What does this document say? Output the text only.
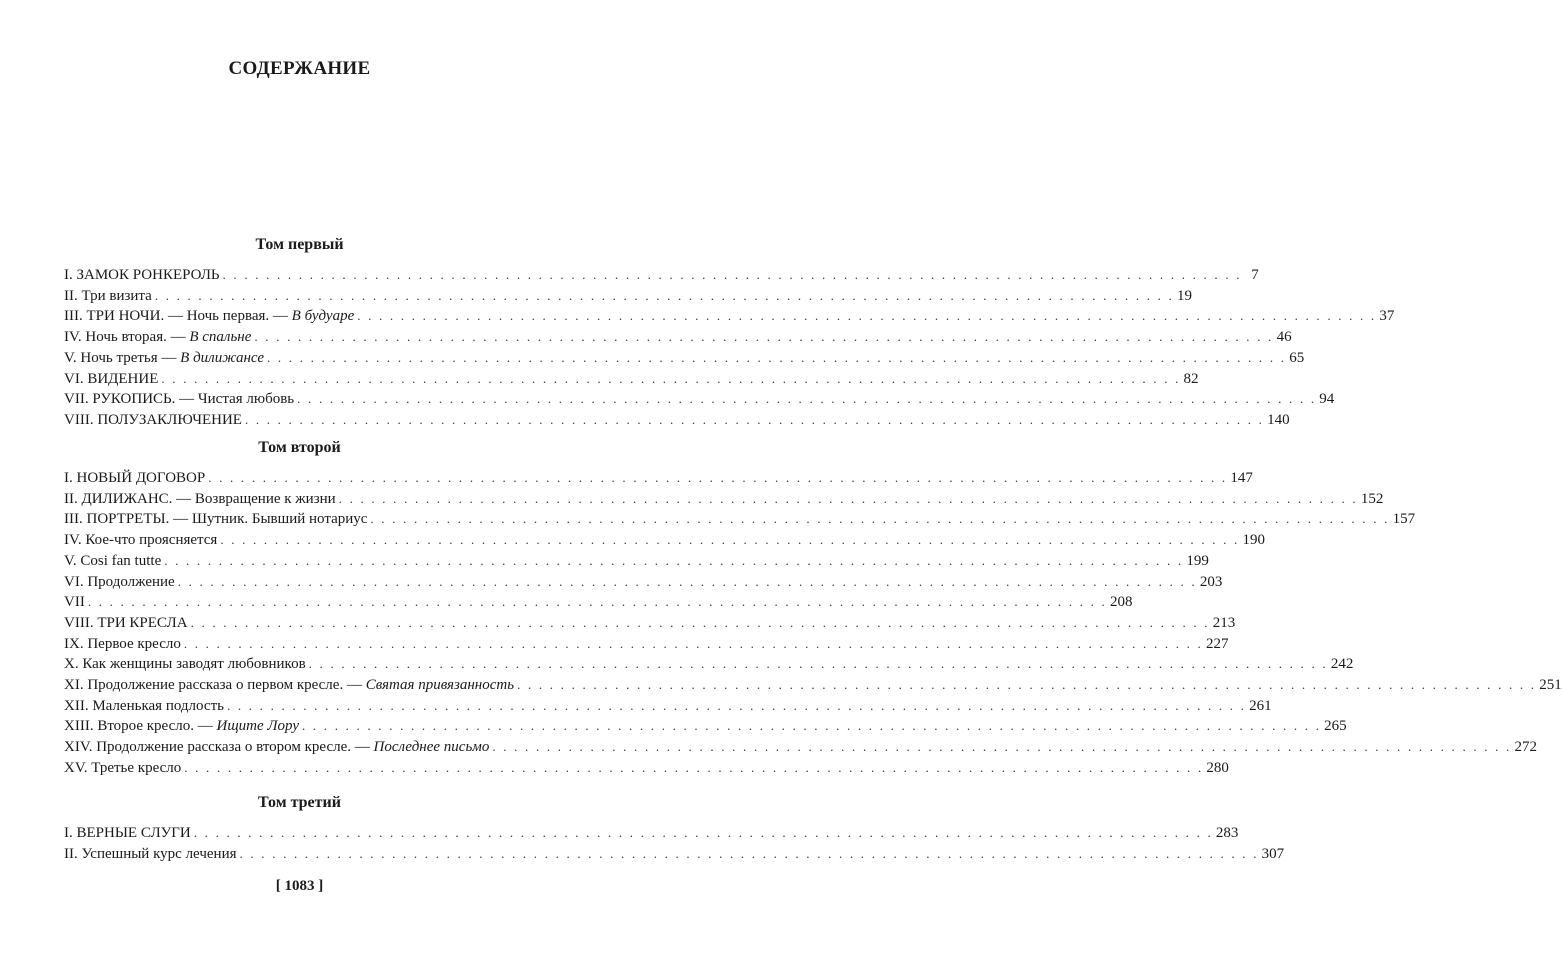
СОДЕРЖАНИЕ
Том первый
I. ЗАМОК РОНКЕРОЛЬ . . .	7
II. Три визита . . .	19
III. ТРИ НОЧИ. — Ночь первая. — В будуаре . . .	37
IV. Ночь вторая. — В спальне . . .	46
V. Ночь третья — В дилижансе . . .	65
VI. ВИДЕНИЕ . . .	82
VII. РУКОПИСЬ. — Чистая любовь . . .	94
VIII. ПОЛУЗАКЛЮЧЕНИЕ . . .	140
Том второй
I. НОВЫЙ ДОГОВОР . . .	147
II. ДИЛИЖАНС. — Возвращение к жизни . . .	152
III. ПОРТРЕТЫ. — Шутник. Бывший нотариус . . .	157
IV. Кое-что проясняется . . .	190
V. Cosi fan tutte . . .	199
VI. Продолжение . . .	203
VII . . .	208
VIII. ТРИ КРЕСЛА . . .	213
IX. Первое кресло . . .	227
X. Как женщины заводят любовников . . .	242
XI. Продолжение рассказа о первом кресле. — Святая привязанность . . .	251
XII. Маленькая подлость . . .	261
XIII. Второе кресло. — Ищите Лору . . .	265
XIV. Продолжение рассказа о втором кресле. — Последнее письмо . . .	272
XV. Третье кресло . . .	280
Том третий
I. ВЕРНЫЕ СЛУГИ . . .	283
II. Успешный курс лечения . . .	307
[ 1083 ]
